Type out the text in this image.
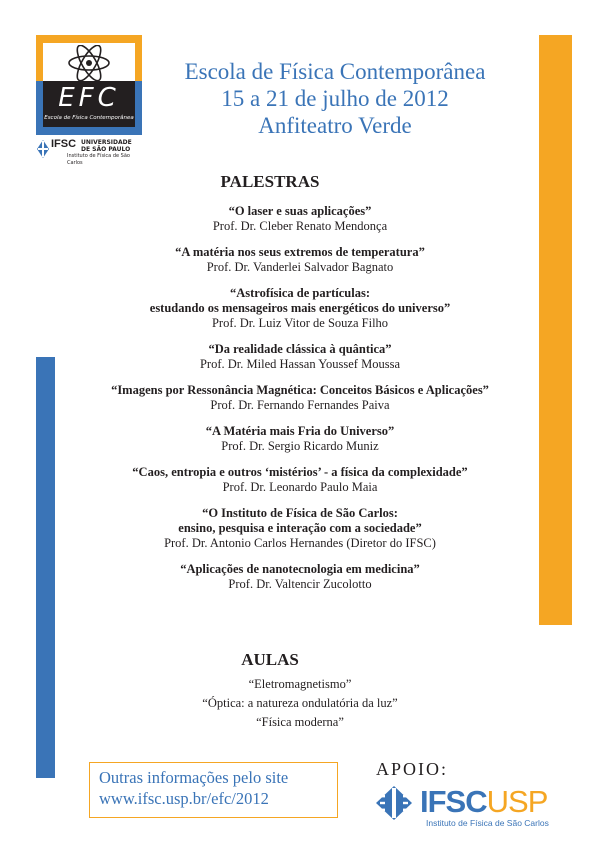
EFC
Escola de Física Contemporânea
IFSC UNIVERSIDADE
DE SÃO PAULO
Instituto de Física de São Carlos
Escola de Física Contemporânea
15 a 21 de julho de 2012
Anfiteatro Verde
PALESTRAS
“O laser e suas aplicações”
Prof. Dr. Cleber Renato Mendonça
“A matéria nos seus extremos de temperatura”
Prof. Dr. Vanderlei Salvador Bagnato
“Astrofísica de partículas:
estudando os mensageiros mais energéticos do universo”
Prof. Dr. Luiz Vitor de Souza Filho
“Da realidade clássica à quântica”
Prof. Dr. Miled Hassan Youssef Moussa
“Imagens por Ressonância Magnética: Conceitos Básicos e Aplicações”
Prof. Dr. Fernando Fernandes Paiva
“A Matéria mais Fria do Universo”
Prof. Dr. Sergio Ricardo Muniz
“Caos, entropia e outros ‘mistérios’ - a física da complexidade”
Prof. Dr. Leonardo Paulo Maia
“O Instituto de Física de São Carlos:
ensino, pesquisa e interação com a sociedade”
Prof. Dr. Antonio Carlos Hernandes (Diretor do IFSC)
“Aplicações de nanotecnologia em medicina”
Prof. Dr. Valtencir Zucolotto
AULAS
“Eletromagnetismo”
“Óptica: a natureza ondulatória da luz”
“Física moderna”
Outras informações pelo site
www.ifsc.usp.br/efc/2012
APOIO:
IFSCUSP
Instituto de Física de São Carlos
